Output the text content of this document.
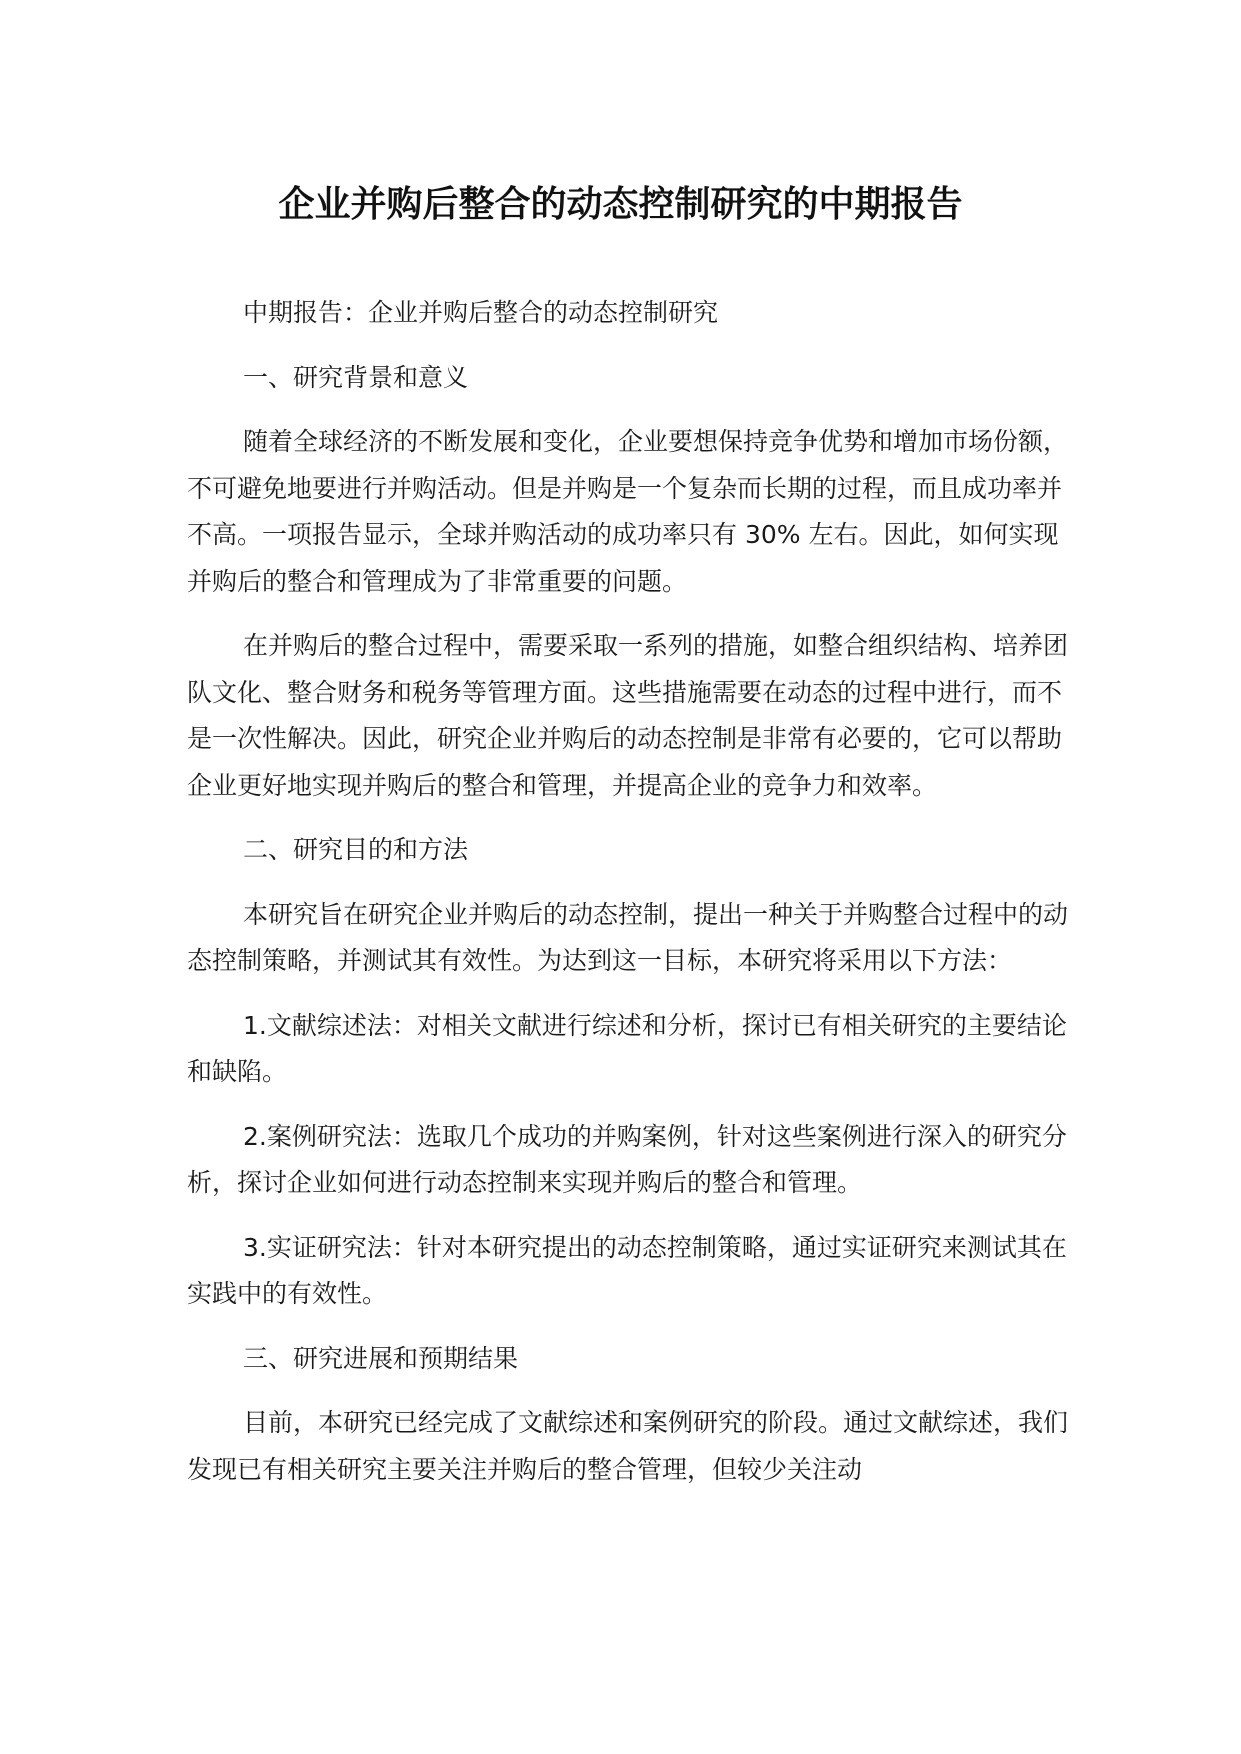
企业并购后整合的动态控制研究的中期报告

中期报告：企业并购后整合的动态控制研究

一、研究背景和意义

随着全球经济的不断发展和变化，企业要想保持竞争优势和增加市场份额，不可避免地要进行并购活动。但是并购是一个复杂而长期的过程，而且成功率并不高。一项报告显示，全球并购活动的成功率只有 30% 左右。因此，如何实现并购后的整合和管理成为了非常重要的问题。

在并购后的整合过程中，需要采取一系列的措施，如整合组织结构、培养团队文化、整合财务和税务等管理方面。这些措施需要在动态的过程中进行，而不是一次性解决。因此，研究企业并购后的动态控制是非常有必要的，它可以帮助企业更好地实现并购后的整合和管理，并提高企业的竞争力和效率。

二、研究目的和方法

本研究旨在研究企业并购后的动态控制，提出一种关于并购整合过程中的动态控制策略，并测试其有效性。为达到这一目标，本研究将采用以下方法：

1.文献综述法：对相关文献进行综述和分析，探讨已有相关研究的主要结论和缺陷。

2.案例研究法：选取几个成功的并购案例，针对这些案例进行深入的研究分析，探讨企业如何进行动态控制来实现并购后的整合和管理。

3.实证研究法：针对本研究提出的动态控制策略，通过实证研究来测试其在实践中的有效性。

三、研究进展和预期结果

目前，本研究已经完成了文献综述和案例研究的阶段。通过文献综述，我们发现已有相关研究主要关注并购后的整合管理，但较少关注动
